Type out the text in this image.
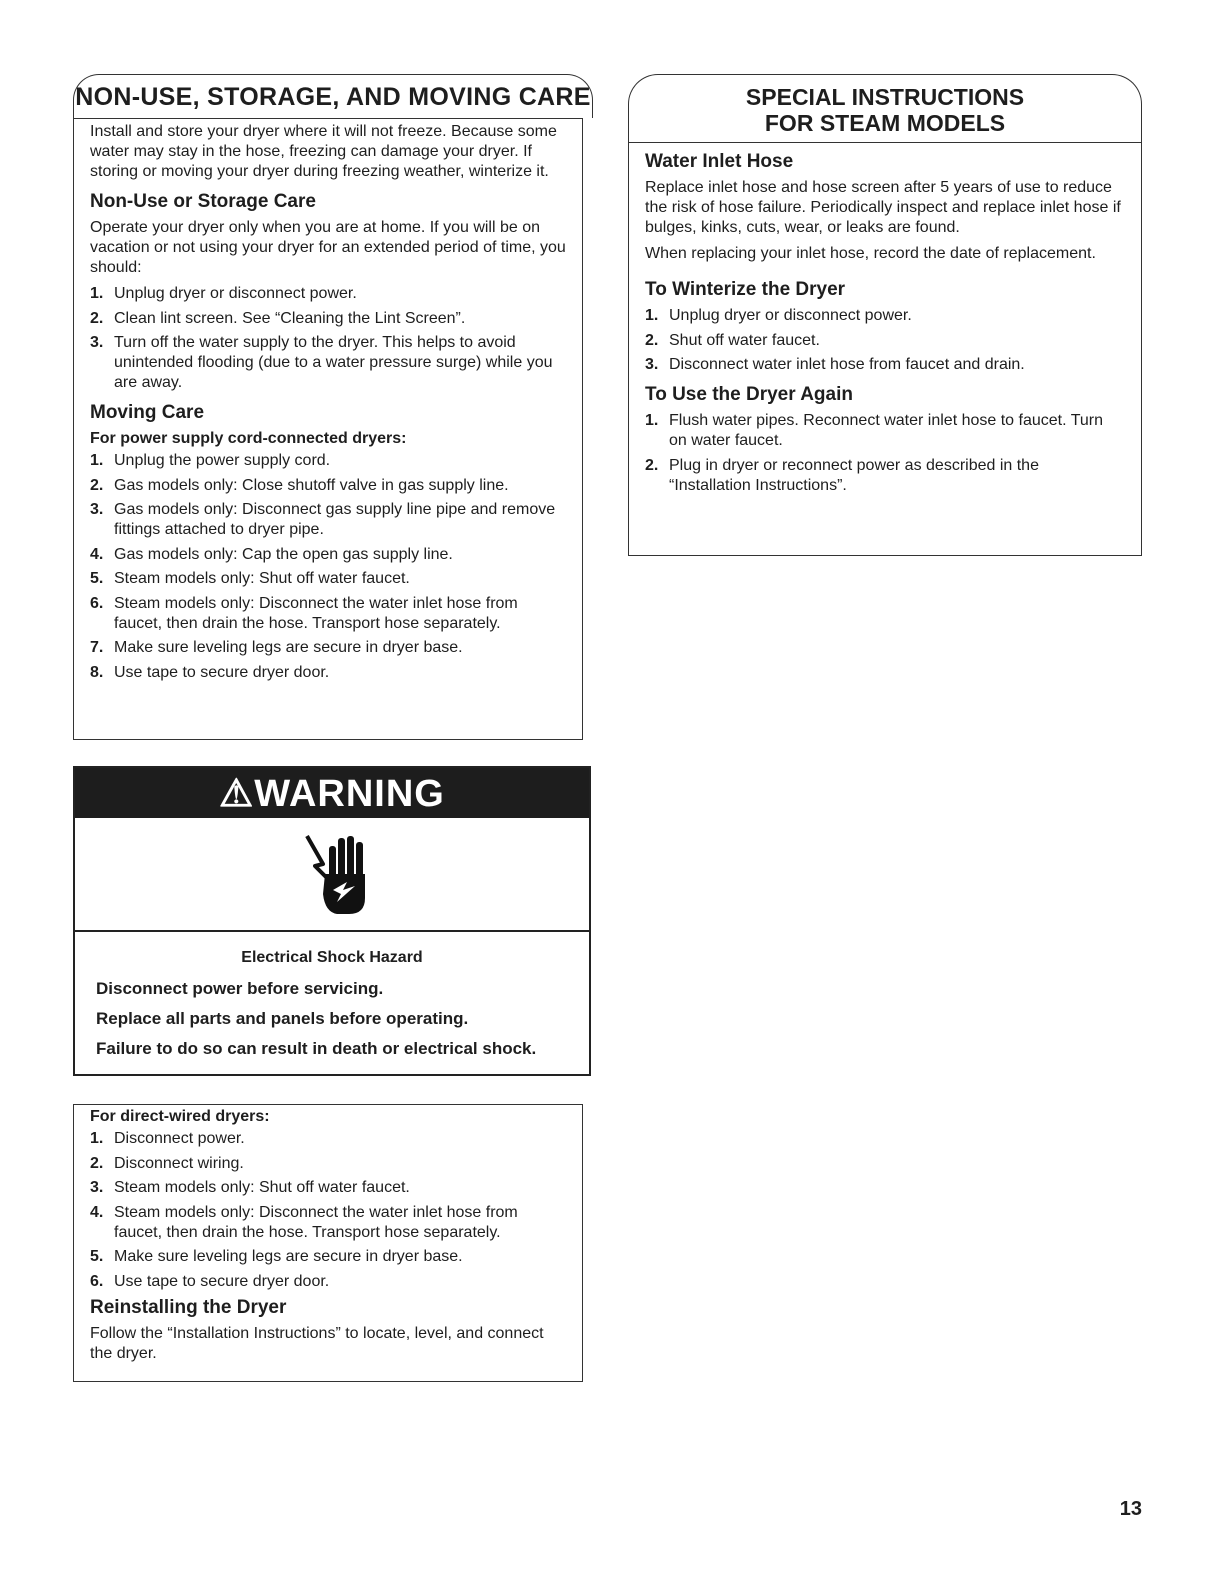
NON-USE, STORAGE, AND MOVING CARE

Install and store your dryer where it will not freeze. Because some water may stay in the hose, freezing can damage your dryer. If storing or moving your dryer during freezing weather, winterize it.

Non-Use or Storage Care

Operate your dryer only when you are at home. If you will be on vacation or not using your dryer for an extended period of time, you should:

1. Unplug dryer or disconnect power.
2. Clean lint screen. See “Cleaning the Lint Screen”.
3. Turn off the water supply to the dryer. This helps to avoid unintended flooding (due to a water pressure surge) while you are away.
Moving Care
For power supply cord-connected dryers:
1. Unplug the power supply cord.
2. Gas models only: Close shutoff valve in gas supply line.
3. Gas models only: Disconnect gas supply line pipe and remove fittings attached to dryer pipe.
4. Gas models only: Cap the open gas supply line.
5. Steam models only: Shut off water faucet.
6. Steam models only: Disconnect the water inlet hose from faucet, then drain the hose. Transport hose separately.
7. Make sure leveling legs are secure in dryer base.
8. Use tape to secure dryer door.
⚠WARNING
Electrical Shock Hazard
Disconnect power before servicing.
Replace all parts and panels before operating.
Failure to do so can result in death or electrical shock.
For direct-wired dryers:
1. Disconnect power.
2. Disconnect wiring.
3. Steam models only: Shut off water faucet.
4. Steam models only: Disconnect the water inlet hose from faucet, then drain the hose. Transport hose separately.
5. Make sure leveling legs are secure in dryer base.
6. Use tape to secure dryer door.
Reinstalling the Dryer

Follow the “Installation Instructions” to locate, level, and connect the dryer.

SPECIAL INSTRUCTIONS
FOR STEAM MODELS
Water Inlet Hose

Replace inlet hose and hose screen after 5 years of use to reduce the risk of hose failure. Periodically inspect and replace inlet hose if bulges, kinks, cuts, wear, or leaks are found.

When replacing your inlet hose, record the date of replacement.

To Winterize the Dryer
1. Unplug dryer or disconnect power.
2. Shut off water faucet.
3. Disconnect water inlet hose from faucet and drain.
To Use the Dryer Again
1. Flush water pipes. Reconnect water inlet hose to faucet. Turn on water faucet.
2. Plug in dryer or reconnect power as described in the “Installation Instructions”.
13
